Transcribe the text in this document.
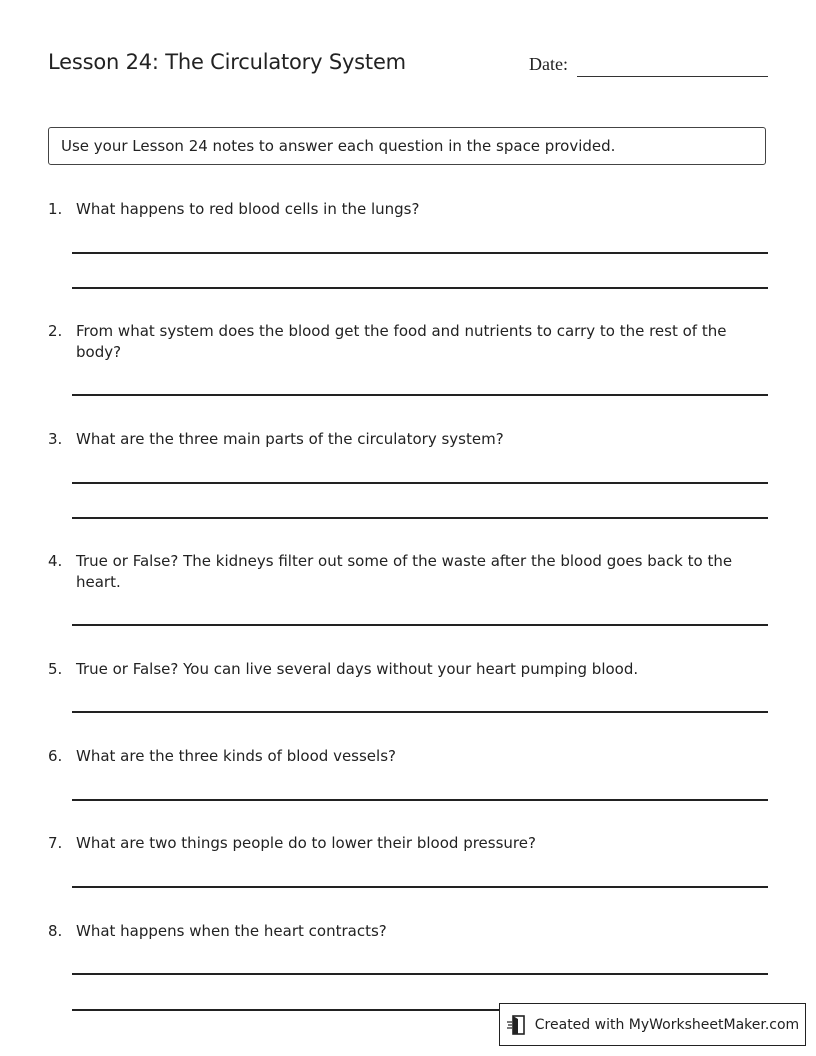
Lesson 24: The Circulatory System	Date:
Use your Lesson 24 notes to answer each question in the space provided.
1. What happens to red blood cells in the lungs?
2. From what system does the blood get the food and nutrients to carry to the rest of the body?
3. What are the three main parts of the circulatory system?
4. True or False? The kidneys filter out some of the waste after the blood goes back to the heart.
5. True or False? You can live several days without your heart pumping blood.
6. What are the three kinds of blood vessels?
7. What are two things people do to lower their blood pressure?
8. What happens when the heart contracts?
Created with MyWorksheetMaker.com
